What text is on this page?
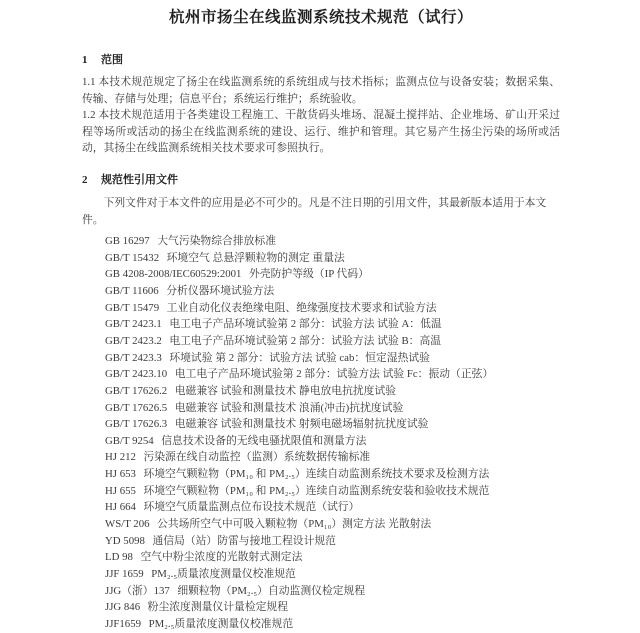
杭州市扬尘在线监测系统技术规范（试行）
1 范围

1.1 本技术规范规定了扬尘在线监测系统的系统组成与技术指标；监测点位与设备安装；数据采集、传输、存储与处理；信息平台；系统运行维护；系统验收。

1.2 本技术规范适用于各类建设工程施工、干散货码头堆场、混凝土搅拌站、企业堆场、矿山开采过程等场所或活动的扬尘在线监测系统的建设、运行、维护和管理。其它易产生扬尘污染的场所或活动，其扬尘在线监测系统相关技术要求可参照执行。

2 规范性引用文件

下列文件对于本文件的应用是必不可少的。凡是不注日期的引用文件，其最新版本适用于本文件。

GB 16297 大气污染物综合排放标准
GB/T 15432 环境空气 总悬浮颗粒物的测定 重量法
GB 4208-2008/IEC60529:2001 外壳防护等级（IP 代码）
GB/T 11606 分析仪器环境试验方法
GB/T 15479 工业自动化仪表绝缘电阻、绝缘强度技术要求和试验方法
GB/T 2423.1 电工电子产品环境试验第 2 部分：试验方法 试验 A：低温
GB/T 2423.2 电工电子产品环境试验第 2 部分：试验方法 试验 B：高温
GB/T 2423.3 环境试验 第 2 部分：试验方法 试验 cab：恒定湿热试验
GB/T 2423.10 电工电子产品环境试验第 2 部分：试验方法 试验 Fc：振动（正弦）
GB/T 17626.2 电磁兼容 试验和测量技术 静电放电抗扰度试验
GB/T 17626.5 电磁兼容 试验和测量技术 浪涌(冲击)抗扰度试验
GB/T 17626.3 电磁兼容 试验和测量技术 射频电磁场辐射抗扰度试验
GB/T 9254 信息技术设备的无线电骚扰限值和测量方法
HJ 212 污染源在线自动监控（监测）系统数据传输标准
HJ 653 环境空气颗粒物（PM₁₀ 和 PM₂.₅）连续自动监测系统技术要求及检测方法
HJ 655 环境空气颗粒物（PM₁₀ 和 PM₂.₅）连续自动监测系统安装和验收技术规范
HJ 664 环境空气质量监测点位布设技术规范（试行）
WS/T 206 公共场所空气中可吸入颗粒物（PM₁₀）测定方法 光散射法
YD 5098 通信局（站）防雷与接地工程设计规范
LD 98 空气中粉尘浓度的光散射式测定法
JJF 1659 PM₂.₅质量浓度测量仪校准规范
JJG（浙）137 细颗粒物（PM₂.₅）自动监测仪检定规程
JJG 846 粉尘浓度测量仪计量检定规程
JJF1659 PM₂.₅质量浓度测量仪校准规范
